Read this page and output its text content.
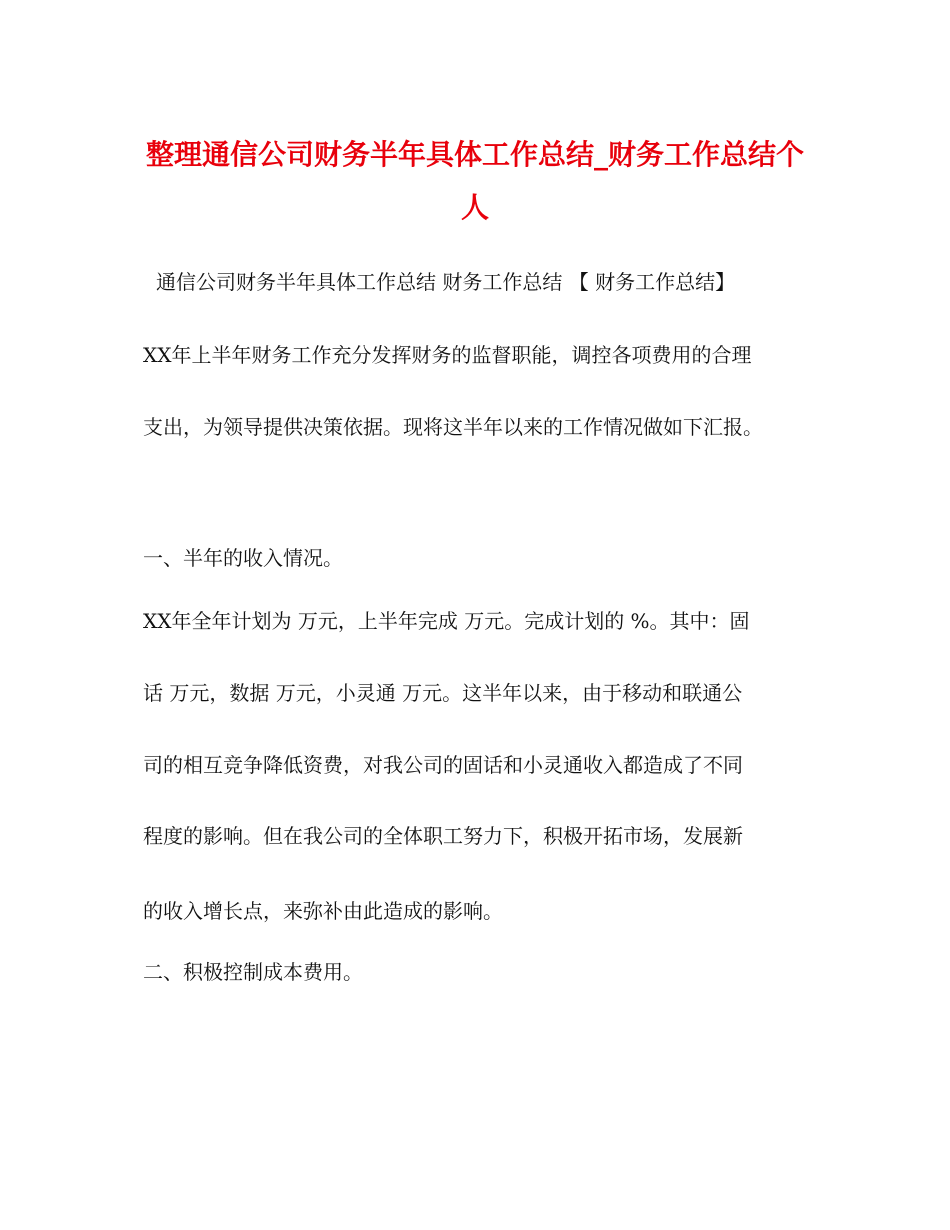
整理通信公司财务半年具体工作总结_财务工作总结个人

通信公司财务半年具体工作总结 财务工作总结 【 财务工作总结】

XX年上半年财务工作充分发挥财务的监督职能，调控各项费用的合理

支出，为领导提供决策依据。现将这半年以来的工作情况做如下汇报。

一、半年的收入情况。

XX年全年计划为 万元，上半年完成 万元。完成计划的 %。其中：固

话 万元，数据 万元，小灵通 万元。这半年以来，由于移动和联通公

司的相互竞争降低资费，对我公司的固话和小灵通收入都造成了不同

程度的影响。但在我公司的全体职工努力下，积极开拓市场，发展新

的收入增长点，来弥补由此造成的影响。

二、积极控制成本费用。
